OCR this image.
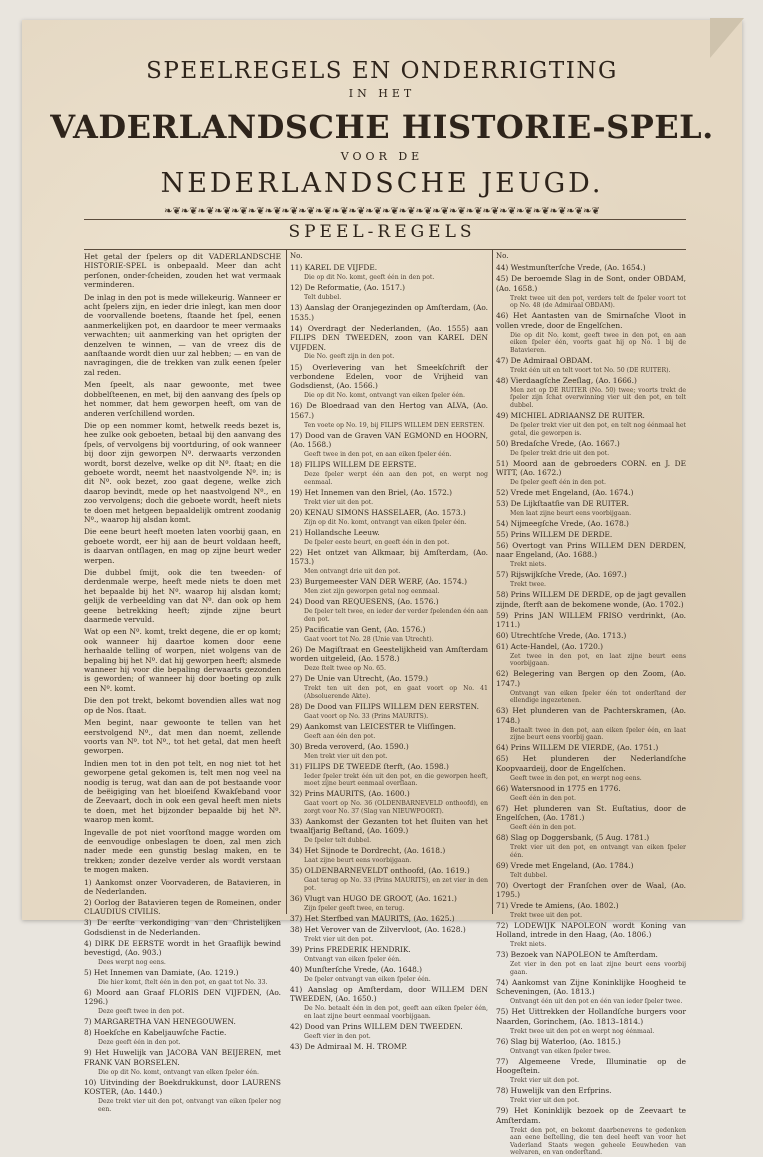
SPEELREGELS EN ONDERRIGTING
IN HET
VADERLANDSCHE HISTORIE-SPEL.
VOOR DE
NEDERLANDSCHE JEUGD.
❧❦❧❦❧❦❧❦❧❦❧❦❧❦❧❦❧❦❧❦❧❦❧❦❧❦❧❦❧❦❧❦❧❦❧❦❧❦❧❦❧❦❧❦❧❦❧❦❧❦❧❦
SPEEL-REGELS

Het getal der ſpelers op dit VADERLANDSCHE HISTORIE-SPEL is onbepaald. Meer dan acht perſonen, onder-ſcheiden, zouden het wat vermaak verminderen.

De inlag in den pot is mede willekeurig. Wanneer er acht ſpelers zijn, en ieder drie inlegt, kan men door de voorvallende boetens, ſtaande het ſpel, eenen aanmerkelijken pot, en daardoor te meer vermaaks verwachten; uit aanmerking van het oprigten der denzelven te winnen, — van de vreez dis de aanſtaande wordt dien uur zal hebben; — en van de navragingen, die de trekken van zulk eenen ſpeler zal reden.

Men ſpeelt, als naar gewoonte, met twee dobbelſteenen, en met, bij den aanvang des ſpels op het nommer, dat hem geworpen heeft, om van de anderen verſchillend worden.

Die op een nommer komt, hetwelk reeds bezet is, hee zulke ook geboeten, betaal bij den aanvang des ſpels, of vervolgens bij voortduring, of ook wanneer bij door zijn geworpen Nº. derwaarts verzonden wordt, borst dezelve, welke op dit Nº. ſtaat; en die geboete wordt, neemt het naastvolgende Nº. in; is dit Nº. ook bezet, zoo gaat degene, welke zich daarop bevindt, mede op het naastvolgend Nº., en zoo vervolgens; doch die geboete wordt, heeft niets te doen met hetgeen bepaaldelijk omtrent zoodanig Nº., waarop hij alsdan komt.

Die eene beurt heeft moeten laten voorbij gaan, en geboete wordt, eer hij aan de beurt voldaan heeft, is daarvan ontſlagen, en mag op zijne beurt weder werpen.

Die dubbel ſmijt, ook die ten tweeden- of derdenmale werpe, heeft mede niets te doen met het bepaalde bij het Nº. waarop hij alsdan komt; gelijk de verbeelding van dat Nº. dan ook op hem geene betrekking heeft; zijnde zijne beurt daarmede vervuld.

Wat op een Nº. komt, trekt degene, die er op komt; ook wanneer hij daartoe komen door eene herhaalde telling of worpen, niet wolgens van de bepaling bij het Nº. dat hij geworpen heeft; alsmede wanneer hij voor die bepaling derwaarts gezonden is geworden; of wanneer hij door boeting op zulk een Nº. komt.

Die den pot trekt, bekomt bovendien alles wat nog op de Nos. ſtaat.

Men begint, naar gewoonte te tellen van het eerstvolgend Nº., dat men dan noemt, zellende voorts van Nº. tot Nº., tot het getal, dat men heeft geworpen.

Indien men tot in den pot telt, en nog niet tot het geworpene getal gekomen is, telt men nog veel na noodig is terug, wat dan aan de pot bestaande voor de beëigiging van het bloeiſend Kwakſeband voor de Zeevaart, doch in ook een geval heeft men niets te doen, met het bijzonder bepaalde bij het Nº. waarop men komt.

Ingevalle de pot niet voorſtond magge worden om de eenvoudige onbeslagen te doen, zal men zich nader mede een gunstig beslag maken, en te trekken; zonder dezelve verder als wordt verstaan te mogen maken.

1) Aankomst onzer Voorvaderen, de Batavieren, in de Nederlanden.
2) Oorlog der Batavieren tegen de Romeinen, onder CLAUDIUS CIVILIS.
3) De eerſte verkondiging van den Christelijken Godsdienst in de Nederlanden.
4) DIRK DE EERSTE wordt in het Graaflijk bewind bevestigd, (Ao. 903.)
Dees werpt nog eens.
5) Het Innemen van Damiate, (Ao. 1219.)
Die hier komt, ſtelt één in den pot, en gaat tot No. 33.
6) Moord aan Graaf FLORIS DEN VIJFDEN, (Ao. 1296.)
Deze geeft twee in den pot.
7) MARGARETHA VAN HENEGOUWEN.
8) Hoekſche en Kabeljauwſche Factie.
Deze geeft één in den pot.
9) Het Huwelijk van JACOBA VAN BEIJEREN, met FRANK VAN BORSELEN.
Die op dit No. komt, ontvangt van elken ſpeler één.
10) Uitvinding der Boekdrukkunst, door LAURENS KOSTER, (Ao. 1440.)
Deze trekt vier uit den pot, ontvangt van eiken ſpeler nog een.
No.
11) KAREL DE VIJFDE.
Die op dit No. komt, geeft één in den pot.
12) De Reformatie, (Ao. 1517.)
Telt dubbel.
13) Aanslag der Oranjegezinden op Amſterdam, (Ao. 1535.)
14) Overdragt der Nederlanden, (Ao. 1555) aan FILIPS DEN TWEEDEN, zoon van KAREL DEN VIJFDEN.
Die No. geeft zijn in den pot.
15) Overlevering van het Smeekſchrift der verbondene Edelen, voor de Vrijheid van Godsdienst, (Ao. 1566.)
Die op dit No. komt, ontvangt van eiken ſpeler één.
16) De Bloedraad van den Hertog van ALVA, (Ao. 1567.)
Ten voete op No. 19, bij FILIPS WILLEM DEN EERSTEN.
17) Dood van de Graven VAN EGMOND en HOORN, (Ao. 1568.)
Geeft twee in den pot, en aan eiken ſpeler één.
18) FILIPS WILLEM DE EERSTE.
Deze ſpeler werpt één aan den pot, en werpt nog eenmaal.
19) Het Innemen van den Briel, (Ao. 1572.)
Trekt vier uit den pot.
20) KENAU SIMONS HASSELAER, (Ao. 1573.)
Zijn op dit No. komt, ontvangt van eiken ſpeler één.
21) Hollandsche Leeuw.
De ſpeler eeste beurt, en geeft één in den pot.
22) Het ontzet van Alkmaar, bij Amſterdam, (Ao. 1573.)
Men ontvangt drie uit den pot.
23) Burgemeester VAN DER WERF, (Ao. 1574.)
Men ziet zijn geworpen getal nog eenmaal.
24) Dood van REQUESENS, (Ao. 1576.)
De ſpeler telt twee, en ieder der verder ſpelenden één aan den pot.
25) Pacificatie van Gent, (Ao. 1576.)
Gaat voort tot No. 28 (Unie van Utrecht).
26) De Magiſtraat en Geestelijkheid van Amſterdam worden uitgeleid, (Ao. 1578.)
Deze ſtelt twee op No. 65.
27) De Unie van Utrecht, (Ao. 1579.)
Trekt ten uit den pot, en gaat voort op No. 41 (Absoluerende Akte).
28) De Dood van FILIPS WILLEM DEN EERSTEN.
Gaat voort op No. 33 (Prins MAURITS).
29) Aankomst van LEICESTER te Vliſſingen.
Geeft aan één den pot.
30) Breda veroverd, (Ao. 1590.)
Men trekt vier uit den pot.
31) FILIPS DE TWEEDE ſterft, (Ao. 1598.)
Ieder ſpeler trekt één uit den pot, en die geworpen heeft, moet zijne beurt eenmaal overſlaan.
32) Prins MAURITS, (Ao. 1600.)
Gaat voort op No. 36 (OLDENBARNEVELD onthoofd), en zorgt voor No. 37 (Slag van NIEUWPOORT).
33) Aankomst der Gezanten tot het ſluiten van het twaalfjarig Beſtand, (Ao. 1609.)
De ſpeler telt dubbel.
34) Het Sijnode te Dordrecht, (Ao. 1618.)
Laat zijne beurt eens voorbijgaan.
35) OLDENBARNEVELDT onthoofd, (Ao. 1619.)
Gaat terug op No. 33 (Prins MAURITS), en zet vier in den pot.
36) Vlugt van HUGO DE GROOT, (Ao. 1621.)
Zijn ſpeler geeft twee, en terug.
37) Het Sterfbed van MAURITS, (Ao. 1625.)
38) Het Verover van de Zilvervloot, (Ao. 1628.)
Trekt vier uit den pot.
39) Prins FREDERIK HENDRIK.
Ontvangt van eiken ſpeler één.
40) Munſterſche Vrede, (Ao. 1648.)
De ſpeler ontvangt van eiken ſpeler één.
41) Aanslag op Amſterdam, door WILLEM DEN TWEEDEN, (Ao. 1650.)
De No. betaalt één in den pot, geeft aan eiken ſpeler één, en laat zijne beurt eenmaal voorbijgaan.
42) Dood van Prins WILLEM DEN TWEEDEN.
Geeft vier in den pot.
43) De Admiraal M. H. TROMP.
No.
44) Westmunſterſche Vrede, (Ao. 1654.)
45) De beroemde Slag in de Sont, onder OBDAM, (Ao. 1658.)
Trekt twee uit den pot, verders telt de ſpeler voort tot op No. 48 (de Admiraal OBDAM).
46) Het Aantasten van de Smirnaſche Vloot in vollen vrede, door de Engelſchen.
Die op dit No. komt, geeft twee in den pot, en aan eiken ſpeler één, voorts gaat hij op No. 1 bij de Batavieren.
47) De Admiraal OBDAM.
Trekt één uit en telt voort tot No. 50 (DE RUITER).
48) Vierdaagſche Zeeſlag, (Ao. 1666.)
Men zet op DE RUITER (No. 50) twee; voorts trekt de ſpeler zijn ſchat overwinning vier uit den pot, en telt dubbel.
49) MICHIEL ADRIAANSZ DE RUITER.
De ſpeler trekt vier uit den pot, en telt nog éénmaal het getal, die geworpen is.
50) Bredaſche Vrede, (Ao. 1667.)
De ſpeler trekt drie uit den pot.
51) Moord aan de gebroeders CORN. en J. DE WITT, (Ao. 1672.)
De ſpeler geeft één in den pot.
52) Vrede met Engeland, (Ao. 1674.)
53) De Lijkſtaatſie van DE RUITER.
Men laat zijne beurt eens voorbijgaan.
54) Nijmeegſche Vrede, (Ao. 1678.)
55) Prins WILLEM DE DERDE.
56) Overtogt van Prins WILLEM DEN DERDEN, naar Engeland, (Ao. 1688.)
Trekt niets.
57) Rijswijkſche Vrede, (Ao. 1697.)
Trekt twee.
58) Prins WILLEM DE DERDE, op de jagt gevallen zijnde, ſterft aan de bekomene wonde, (Ao. 1702.)
59) Prins JAN WILLEM FRISO verdrinkt, (Ao. 1711.)
60) Utrechtſche Vrede, (Ao. 1713.)
61) Acte-Handel, (Ao. 1720.)
Zet twee in den pot, en laat zijne beurt eens voorbijgaan.
62) Belegering van Bergen op den Zoom, (Ao. 1747.)
Ontvangt van eiken ſpeler één tot onderſtand der ellendige ingezetenen.
63) Het plunderen van de Pachterskramen, (Ao. 1748.)
Betaalt twee in den pot, aan eiken ſpeler één, en laat zijne beurt eens voorbij gaan.
64) Prins WILLEM DE VIERDE, (Ao. 1751.)
65) Het plunderen der Nederlandſche Koopvaardeij, door de Engelſchen.
Geeft twee in den pot, en werpt nog eens.
66) Watersnood in 1775 en 1776.
Geeft één in den pot.
67) Het plunderen van St. Euſtatius, door de Engelſchen, (Ao. 1781.)
Geeft één in den pot.
68) Slag op Doggersbank, (5 Aug. 1781.)
Trekt vier uit den pot, en ontvangt van eiken ſpeler één.
69) Vrede met Engeland, (Ao. 1784.)
Telt dubbel.
70) Overtogt der Franſchen over de Waal, (Ao. 1795.)
71) Vrede te Amiens, (Ao. 1802.)
Trekt twee uit den pot.
72) LODEWIJK NAPOLEON wordt Koning van Holland, intrede in den Haag, (Ao. 1806.)
Trekt niets.
73) Bezoek van NAPOLEON te Amſterdam.
Zet vier in den pot en laat zijne beurt eens voorbij gaan.
74) Aankomst van Zijne Koninklijke Hoogheid te Scheveningen, (Ao. 1813.)
Ontvangt één uit den pot en één van ieder ſpeler twee.
75) Het Uittrekken der Hollandſche burgers voor Naarden, Gorinchem, (Ao. 1813–1814.)
Trekt twee uit den pot en werpt nog éénmaal.
76) Slag bij Waterloo, (Ao. 1815.)
Ontvangt van eiken ſpeler twee.
77) Algemeene Vrede, Illuminatie op de Hoogeſtein.
Trekt vier uit den pot.
78) Huwelijk van den Erfprins.
Trekt vier uit den pot.
79) Het Koninklijk bezoek op de Zeevaart te Amſterdam.
Trekt den pot, en bekomt daarbenevens te gedenken aan eene beſtelling, die ten deel heeft van voor het Vaderland Staats wegen geheele Eeuwheden van welvaren, en van onderſtand.
